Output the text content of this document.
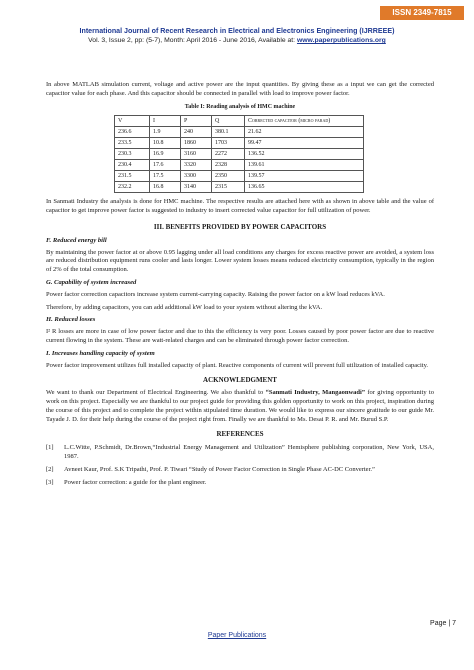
ISSN 2349-7815
International Journal of Recent Research in Electrical and Electronics Engineering (IJRREEE)
Vol. 3, Issue 2, pp: (5-7), Month: April 2016 - June 2016, Available at: www.paperpublications.org

In above MATLAB simulation current, voltage and active power are the input quantities. By giving these as a input we can get the corrected capacitor value for each phase. And this capacitor should be connected in parallel with load to improve power factor.

Table I: Reading analysis of HMC machine
V	I	P	Q	Corrected capacitor (micro farad)
236.6	1.9	240	380.1	21.62
233.5	10.8	1860	1703	99.47
230.3	16.9	3160	2272	136.52
230.4	17.6	3320	2328	139.61
231.5	17.5	3300	2350	139.57
232.2	16.8	3140	2315	136.65

In Sanmati Industry the analysis is done for HMC machine. The respective results are attached here with as shown in above table and the value of capacitor to get improve power factor is suggested to industry to insert corrected value capacitor for full utilization of power.

III. BENEFITS PROVIDED BY POWER CAPACITORS
F. Reduced energy bill

By maintaining the power factor at or above 0.95 lagging under all load conditions any charges for excess reactive power are avoided, a system loss are reduced distribution equipment runs cooler and lasts longer. Lower system losses means reduced electricity consumption, typically in the region of 2% of the total consumption.

G. Capability of system increased

Power factor correction capacitors increase system current-carrying capacity. Raising the power factor on a kW load reduces kVA.

Therefore, by adding capacitors, you can add additional kW load to your system without altering the kVA.

H. Reduced losses

I² R losses are more in case of low power factor and due to this the efficiency is very poor. Losses caused by poor power factor are due to reactive current flowing in the system. These are watt-related charges and can be eliminated through power factor correction.

I. Increases handling capacity of system

Power factor improvement utilizes full installed capacity of plant. Reactive components of current will prevent full utilization of installed capacity.

ACKNOWLEDGMENT

We want to thank our Department of Electrical Engineering. We also thankful to “Sanmati Industry, Mangaonwadi” for giving opportunity to work on this project. Especially we are thankful to our project guide for providing this golden opportunity to work on this project, inspiration during the course of this project and to complete the project within stipulated time duration. We would like to express our sincere gratitude to our guide Mr. Tayade J. D. for their help during the course of the project right from. Finally we are thankful to Ms. Desai P. R. and Mr. Burud S.P.

REFERENCES
[1]	L.C.Witte, P.Schmidt, Dr.Brown,“Industrial Energy Management and Utilization” Hemisphere publishing corporation, New York, USA, 1987.
[2]	Avneet Kaur, Prof. S.K Tripathi, Prof. P. Tiwari “Study of Power Factor Correction in Single Phase AC-DC Converter.”
[3]	Power factor correction: a guide for the plant engineer.
Page | 7
Paper Publications
